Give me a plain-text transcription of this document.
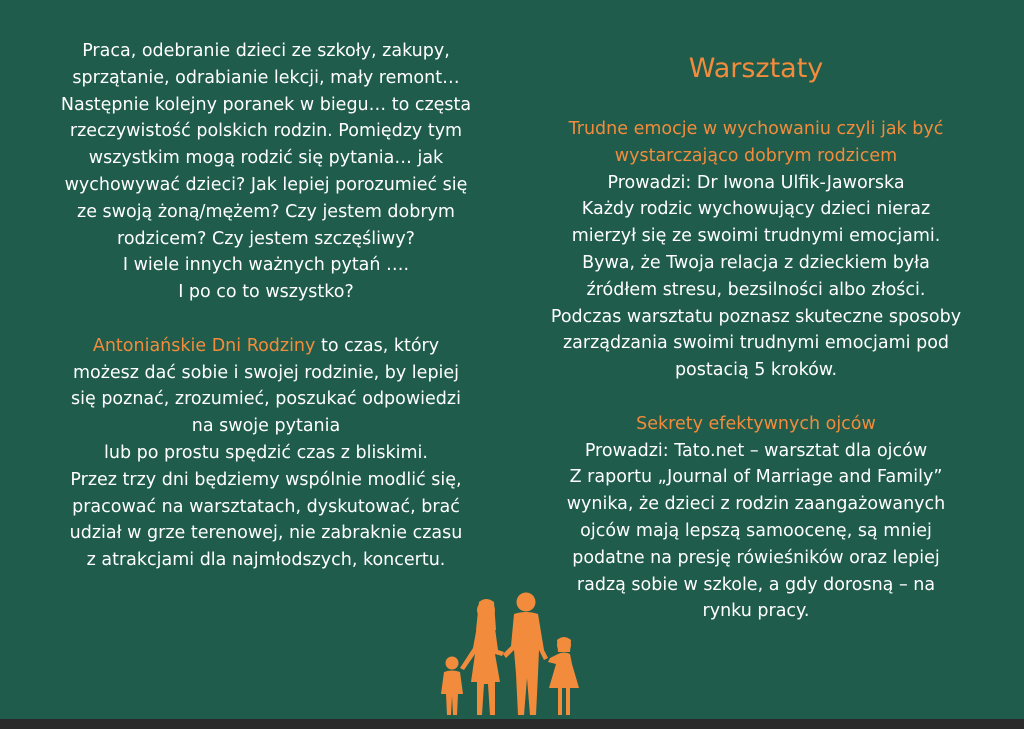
Praca, odebranie dzieci ze szkoły, zakupy,
sprzątanie, odrabianie lekcji, mały remont…
Następnie kolejny poranek w biegu… to częsta
rzeczywistość polskich rodzin. Pomiędzy tym
wszystkim mogą rodzić się pytania… jak
wychowywać dzieci? Jak lepiej porozumieć się
ze swoją żoną/mężem? Czy jestem dobrym
rodzicem? Czy jestem szczęśliwy?
I wiele innych ważnych pytań ….
I po co to wszystko?
Antoniańskie Dni Rodziny to czas, który
możesz dać sobie i swojej rodzinie, by lepiej
się poznać, zrozumieć, poszukać odpowiedzi
na swoje pytania
lub po prostu spędzić czas z bliskimi.
Przez trzy dni będziemy wspólnie modlić się,
pracować na warsztatach, dyskutować, brać
udział w grze terenowej, nie zabraknie czasu
z atrakcjami dla najmłodszych, koncertu.
Warsztaty
Trudne emocje w wychowaniu czyli jak być
wystarczająco dobrym rodzicem
Prowadzi: Dr Iwona Ulfik-Jaworska
Każdy rodzic wychowujący dzieci nieraz
mierzył się ze swoimi trudnymi emocjami.
Bywa, że Twoja relacja z dzieckiem była
źródłem stresu, bezsilności albo złości.
Podczas warsztatu poznasz skuteczne sposoby
zarządzania swoimi trudnymi emocjami pod
postacią 5 kroków.
Sekrety efektywnych ojców
Prowadzi: Tato.net – warsztat dla ojców
Z raportu „Journal of Marriage and Family”
wynika, że dzieci z rodzin zaangażowanych
ojców mają lepszą samoocenę, są mniej
podatne na presję rówieśników oraz lepiej
radzą sobie w szkole, a gdy dorosną – na
rynku pracy.
